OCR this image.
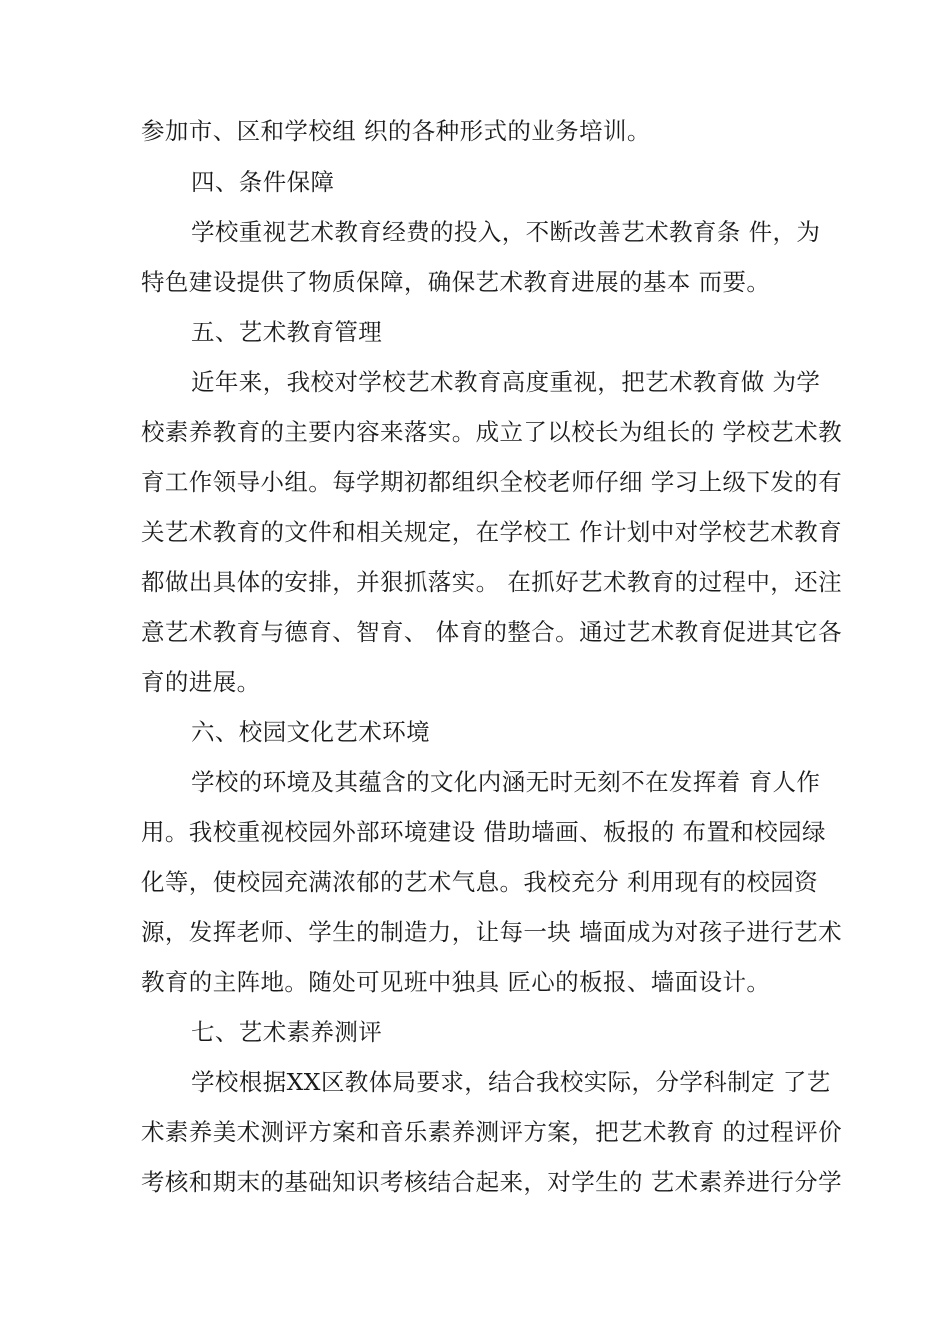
参加市、区和学校组 织的各种形式的业务培训。
四、条件保障
学校重视艺术教育经费的投入，不断改善艺术教育条 件，为
特色建设提供了物质保障，确保艺术教育进展的基本 而要。
五、艺术教育管理
近年来，我校对学校艺术教育高度重视，把艺术教育做 为学
校素养教育的主要内容来落实。成立了以校长为组长的 学校艺术教
育工作领导小组。每学期初都组织全校老师仔细 学习上级下发的有
关艺术教育的文件和相关规定，在学校工 作计划中对学校艺术教育
都做出具体的安排，并狠抓落实。 在抓好艺术教育的过程中，还注
意艺术教育与德育、智育、 体育的整合。通过艺术教育促进其它各
育的进展。
六、校园文化艺术环境
学校的环境及其蕴含的文化内涵无时无刻不在发挥着 育人作
用。我校重视校园外部环境建设 借助墙画、板报的 布置和校园绿
化等，使校园充满浓郁的艺术气息。我校充分 利用现有的校园资
源，发挥老师、学生的制造力，让每一块 墙面成为对孩子进行艺术
教育的主阵地。随处可见班中独具 匠心的板报、墙面设计。
七、艺术素养测评
学校根据XX区教体局要求，结合我校实际，分学科制定 了艺
术素养美术测评方案和音乐素养测评方案，把艺术教育 的过程评价
考核和期末的基础知识考核结合起来，对学生的 艺术素养进行分学
